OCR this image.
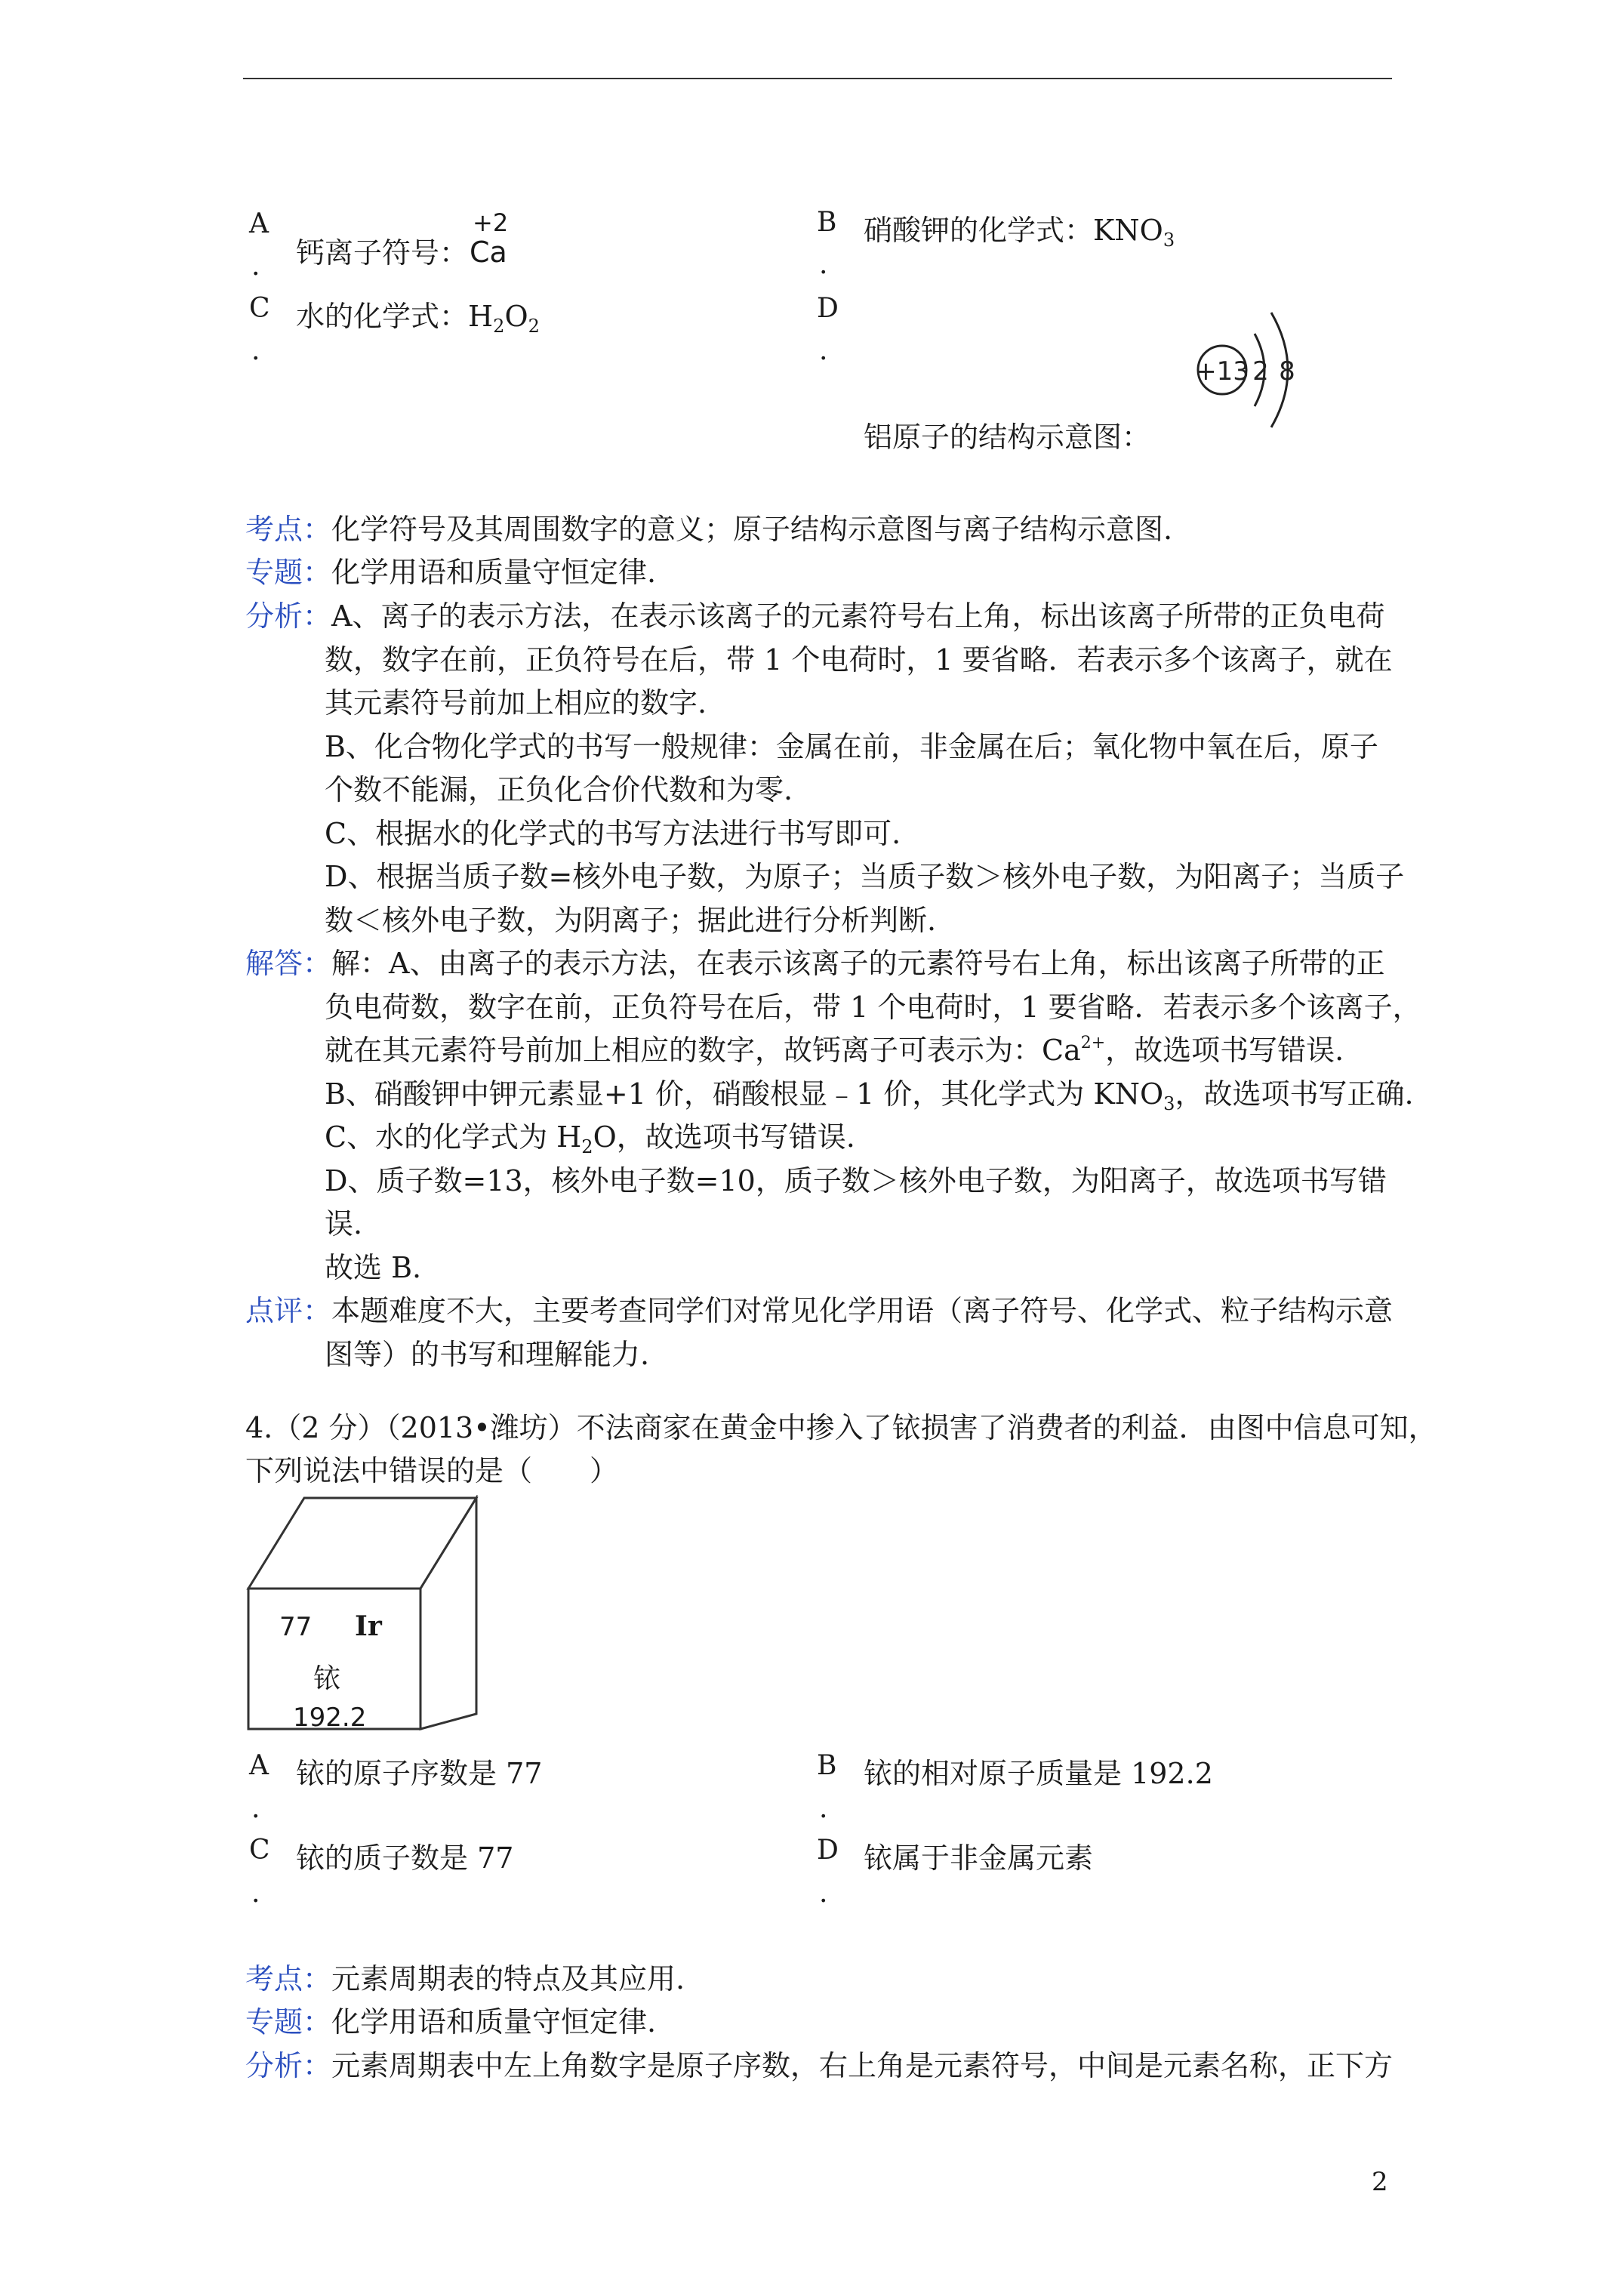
A
. 钙离子符号：
+2
Ca
B
.
硝酸钾的化学式：$KNO_3$
C
.
水的化学式：$H_2O_2$
D
.
铝原子的结构示意图：
+13 2 8
考点：化学符号及其周围数字的意义；原子结构示意图与离子结构示意图.
专题：化学用语和质量守恒定律.
分析：A、离子的表示方法，在表示该离子的元素符号右上角，标出该离子所带的正负电荷
数，数字在前，正负符号在后，带 1 个电荷时，1 要省略．若表示多个该离子，就在
其元素符号前加上相应的数字.
B、化合物化学式的书写一般规律：金属在前，非金属在后；氧化物中氧在后，原子
个数不能漏，正负化合价代数和为零.
C、根据水的化学式的书写方法进行书写即可.
D、根据当质子数=核外电子数，为原子；当质子数＞核外电子数，为阳离子；当质子
数＜核外电子数，为阴离子；据此进行分析判断.
解答：解：A、由离子的表示方法，在表示该离子的元素符号右上角，标出该离子所带的正
负电荷数，数字在前，正负符号在后，带 1 个电荷时，1 要省略．若表示多个该离子，
就在其元素符号前加上相应的数字，故钙离子可表示为：$Ca^{2+}$，故选项书写错误.
B、硝酸钾中钾元素显+1 价，硝酸根显﹣1 价，其化学式为 $KNO_3$，故选项书写正确.
C、水的化学式为 $H_2O$，故选项书写错误.
D、质子数=13，核外电子数=10，质子数＞核外电子数，为阳离子，故选项书写错
误.
故选 B.
点评：本题难度不大，主要考查同学们对常见化学用语（离子符号、化学式、粒子结构示意
图等）的书写和理解能力.
4.（2 分）（2013•潍坊）不法商家在黄金中掺入了铱损害了消费者的利益．由图中信息可知，
下列说法中错误的是（　　）
77 Ir
铱
192.2
A
.
铱的原子序数是 77	B
.
铱的相对原子质量是 192.2
C
.
铱的质子数是 77	D
.
铱属于非金属元素
考点：元素周期表的特点及其应用.
专题：化学用语和质量守恒定律.
分析：元素周期表中左上角数字是原子序数，右上角是元素符号，中间是元素名称，正下方
2
